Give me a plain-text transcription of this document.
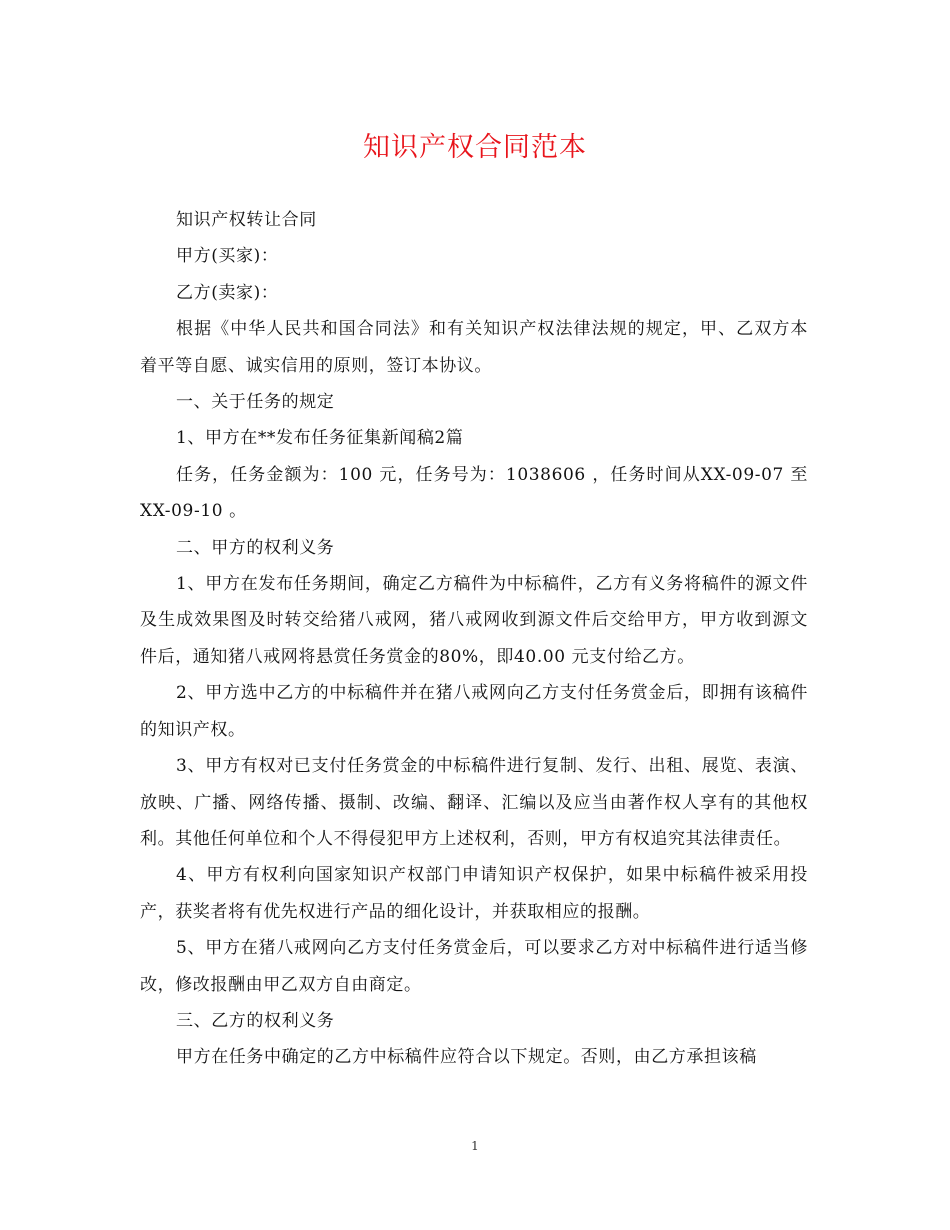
知识产权合同范本

知识产权转让合同

甲方(买家)：

乙方(卖家)：

根据《中华人民共和国合同法》和有关知识产权法律法规的规定，甲、乙双方本着平等自愿、诚实信用的原则，签订本协议。

一、关于任务的规定

1、甲方在**发布任务征集新闻稿2篇

任务，任务金额为：100 元，任务号为：1038606 ，任务时间从XX-09-07 至XX-09-10 。

二、甲方的权利义务

1、甲方在发布任务期间，确定乙方稿件为中标稿件，乙方有义务将稿件的源文件及生成效果图及时转交给猪八戒网，猪八戒网收到源文件后交给甲方，甲方收到源文件后，通知猪八戒网将悬赏任务赏金的80%，即40.00 元支付给乙方。

2、甲方选中乙方的中标稿件并在猪八戒网向乙方支付任务赏金后，即拥有该稿件的知识产权。

3、甲方有权对已支付任务赏金的中标稿件进行复制、发行、出租、展览、表演、放映、广播、网络传播、摄制、改编、翻译、汇编以及应当由著作权人享有的其他权利。其他任何单位和个人不得侵犯甲方上述权利，否则，甲方有权追究其法律责任。

4、甲方有权利向国家知识产权部门申请知识产权保护，如果中标稿件被采用投产，获奖者将有优先权进行产品的细化设计，并获取相应的报酬。

5、甲方在猪八戒网向乙方支付任务赏金后，可以要求乙方对中标稿件进行适当修改，修改报酬由甲乙双方自由商定。

三、乙方的权利义务

甲方在任务中确定的乙方中标稿件应符合以下规定。否则，由乙方承担该稿

1
